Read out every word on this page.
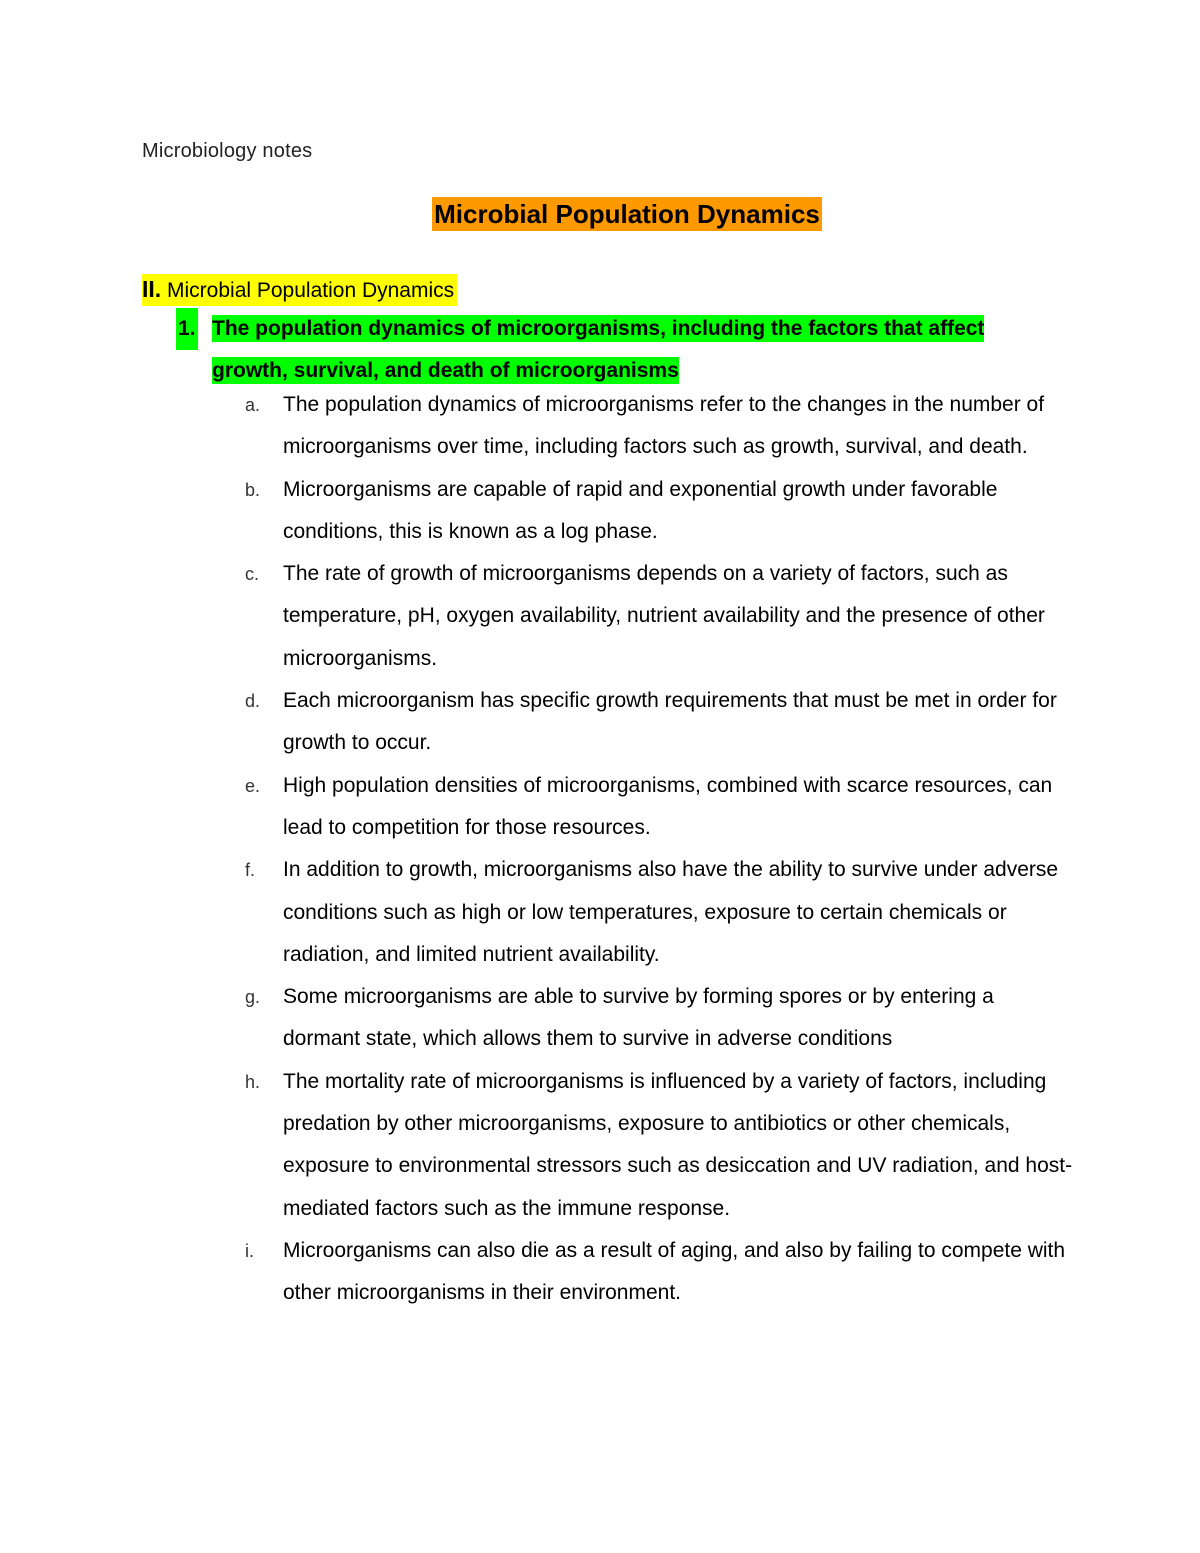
Microbiology notes
Microbial Population Dynamics
II. Microbial Population Dynamics
1. The population dynamics of microorganisms, including the factors that affect growth, survival, and death of microorganisms
a. The population dynamics of microorganisms refer to the changes in the number of microorganisms over time, including factors such as growth, survival, and death.
b. Microorganisms are capable of rapid and exponential growth under favorable conditions, this is known as a log phase.
c. The rate of growth of microorganisms depends on a variety of factors, such as temperature, pH, oxygen availability, nutrient availability and the presence of other microorganisms.
d. Each microorganism has specific growth requirements that must be met in order for growth to occur.
e. High population densities of microorganisms, combined with scarce resources, can lead to competition for those resources.
f. In addition to growth, microorganisms also have the ability to survive under adverse conditions such as high or low temperatures, exposure to certain chemicals or radiation, and limited nutrient availability.
g. Some microorganisms are able to survive by forming spores or by entering a dormant state, which allows them to survive in adverse conditions
h. The mortality rate of microorganisms is influenced by a variety of factors, including predation by other microorganisms, exposure to antibiotics or other chemicals, exposure to environmental stressors such as desiccation and UV radiation, and host-mediated factors such as the immune response.
i. Microorganisms can also die as a result of aging, and also by failing to compete with other microorganisms in their environment.
